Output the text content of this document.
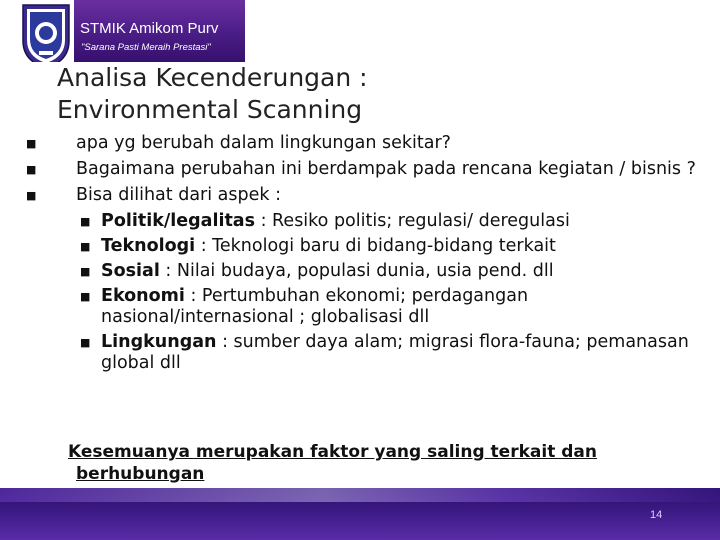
STMIK Amikom Purv
"Sarana Pasti Meraih Prestasi"
Analisa Kecenderungan :
Environmental Scanning
■ apa yg berubah dalam lingkungan sekitar?
■ Bagaimana perubahan ini berdampak pada rencana kegiatan / bisnis ?
■ Bisa dilihat dari aspek :
■ Politik/legalitas : Resiko politis; regulasi/ deregulasi
■ Teknologi : Teknologi baru di bidang-bidang terkait
■ Sosial : Nilai budaya, populasi dunia, usia pend. dll
■ Ekonomi : Pertumbuhan ekonomi; perdagangan nasional/internasional ; globalisasi dll
■ Lingkungan : sumber daya alam; migrasi flora-fauna; pemanasan global dll
Kesemuanya merupakan faktor yang saling terkait dan
berhubungan
14
